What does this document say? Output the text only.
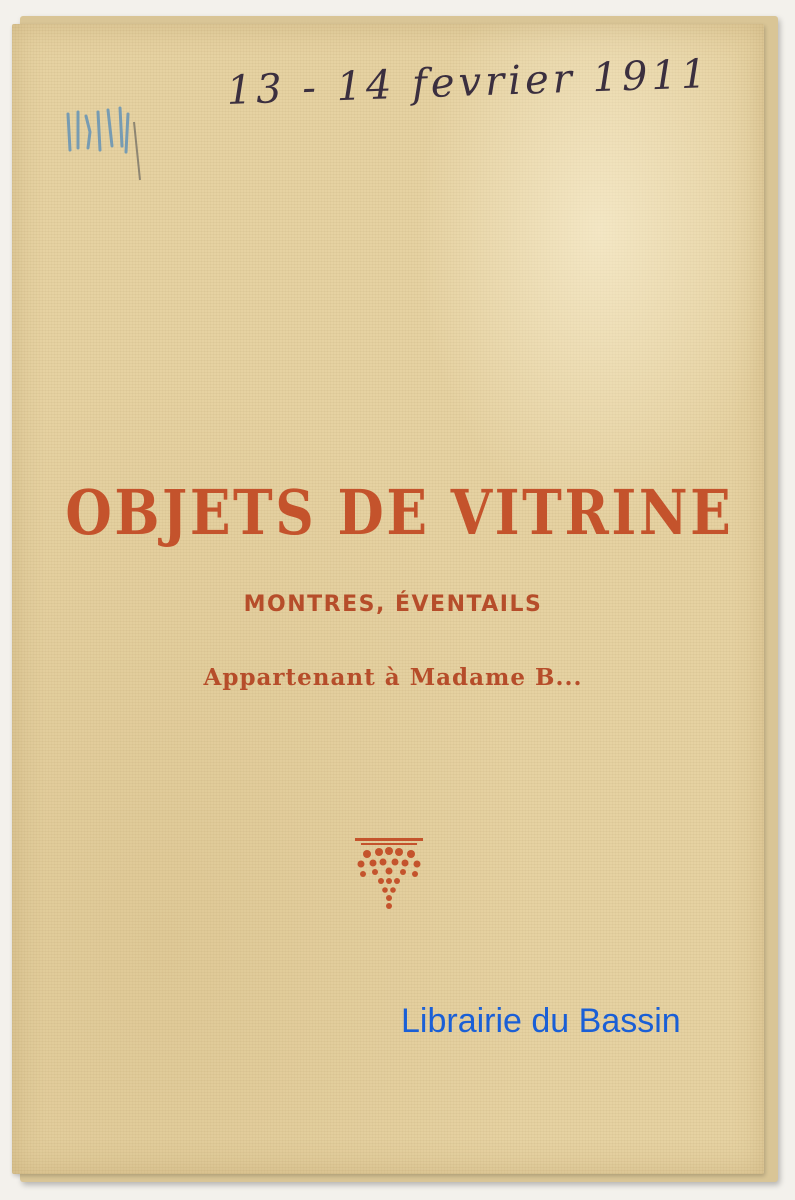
13 - 14 fevrier 1911
OBJETS DE VITRINE
MONTRES, ÉVENTAILS
Appartenant à Madame B...
Librairie du Bassin
